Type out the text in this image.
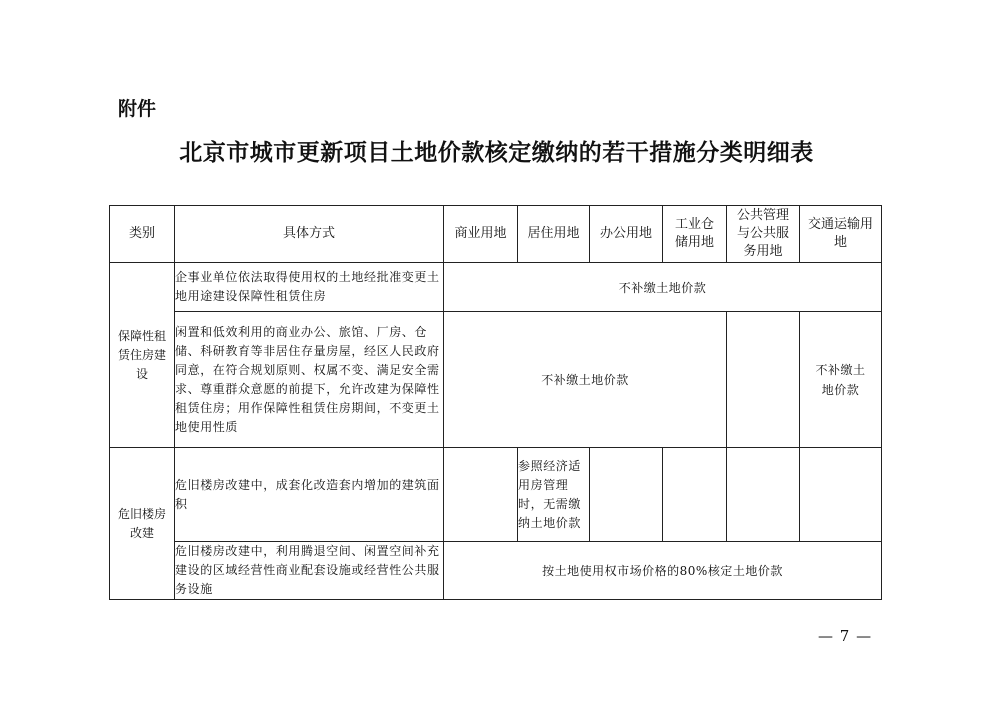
附件
北京市城市更新项目土地价款核定缴纳的若干措施分类明细表
类别	具体方式	商业用地	居住用地	办公用地	工业仓储用地	公共管理与公共服务用地	交通运输用地
保障性租赁住房建设	企事业单位依法取得使用权的土地经批准变更土地用途建设保障性租赁住房	不补缴土地价款					
	闲置和低效利用的商业办公、旅馆、厂房、仓储、科研教育等非居住存量房屋，经区人民政府同意，在符合规划原则、权属不变、满足安全需求、尊重群众意愿的前提下，允许改建为保障性租赁住房；用作保障性租赁住房期间，不变更土地使用性质	不补缴土地价款					不补缴土地价款
危旧楼房改建	危旧楼房改建中，成套化改造套内增加的建筑面积		参照经济适用房管理时，无需缴纳土地价款				
	危旧楼房改建中，利用腾退空间、闲置空间补充建设的区域经营性商业配套设施或经营性公共服务设施	按土地使用权市场价格的80%核定土地价款					
— 7 —
